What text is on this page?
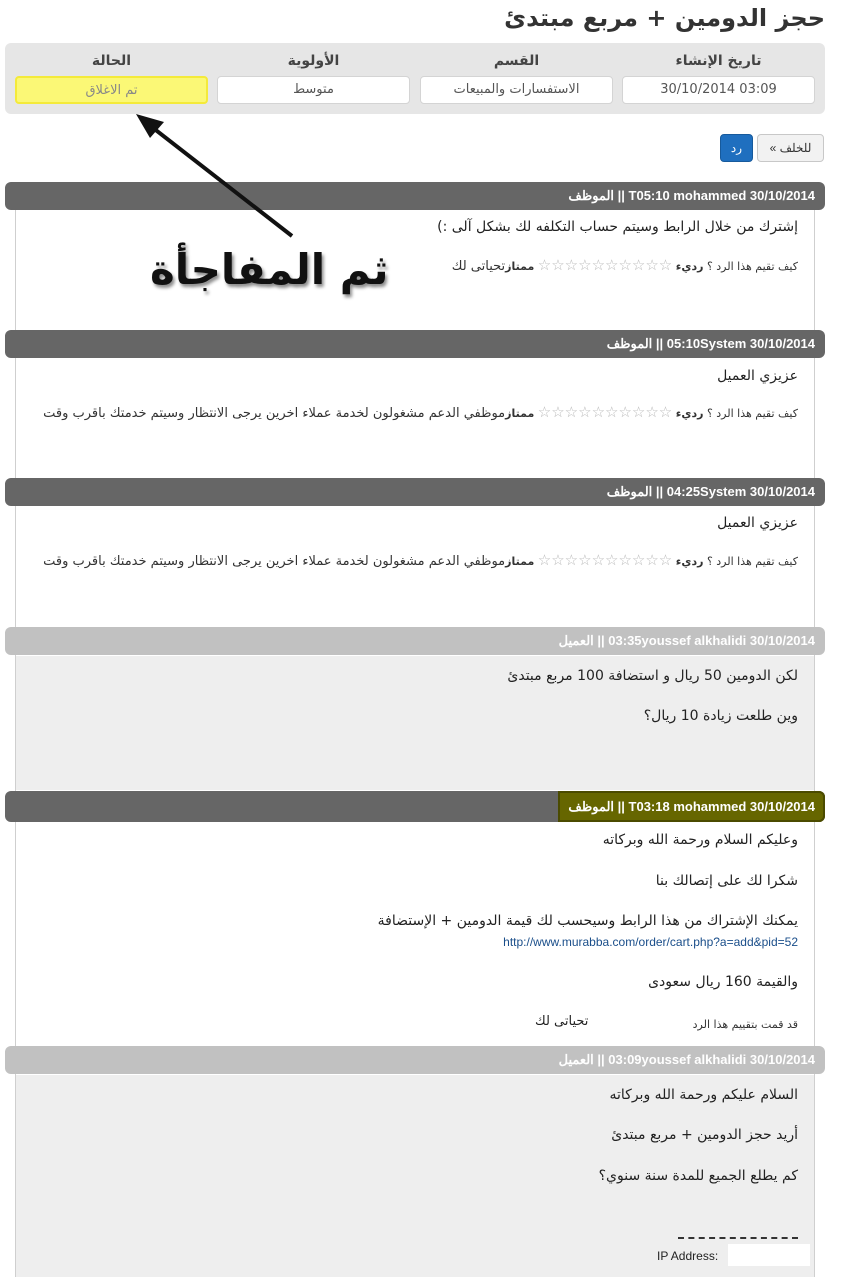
حجز الدومين + مربع مبتدئ
تاريخ الإنشاء
30/10/2014 03:09
القسم
الاستفسارات والمبيعات
الأولوية
متوسط
الحالة
تم الاغلاق
« للخلف
رد
30/10/2014 T05:10 mohammed || الموظف
إشترك من خلال الرابط وسيتم حساب التكلفه لك بشكل آلى :)
كيف تقيم هذا الرد ؟ رديء ☆☆☆☆☆☆☆☆☆☆ ممتازتحياتى لك
30/10/2014 05:10System || الموظف
عزيزي العميل
كيف تقيم هذا الرد ؟ رديء ☆☆☆☆☆☆☆☆☆☆ ممتازموظفي الدعم مشغولون لخدمة عملاء اخرين يرجى الانتظار وسيتم خدمتك باقرب وقت
30/10/2014 04:25System || الموظف
عزيزي العميل
كيف تقيم هذا الرد ؟ رديء ☆☆☆☆☆☆☆☆☆☆ ممتازموظفي الدعم مشغولون لخدمة عملاء اخرين يرجى الانتظار وسيتم خدمتك باقرب وقت
30/10/2014 03:35youssef alkhalidi || العميل
لكن الدومين 50 ريال و استضافة 100 مربع مبتدئ
وين طلعت زيادة 10 ريال؟
30/10/2014 T03:18 mohammed || الموظف
وعليكم السلام ورحمة الله وبركاته
شكرا لك على إتصالك بنا
يمكنك الإشتراك من هذا الرابط وسيحسب لك قيمة الدومين + الإستضافة
http://www.murabba.com/order/cart.php?a=add&pid=52
والقيمة 160 ريال سعودى
قد قمت بتقييم هذا الرد
تحياتى لك
30/10/2014 03:09youssef alkhalidi || العميل
السلام عليكم ورحمة الله وبركاته
أريد حجز الدومين + مربع مبتدئ
كم يطلع الجميع للمدة سنة سنوي؟
IP Address:
ثم المفاجأة
